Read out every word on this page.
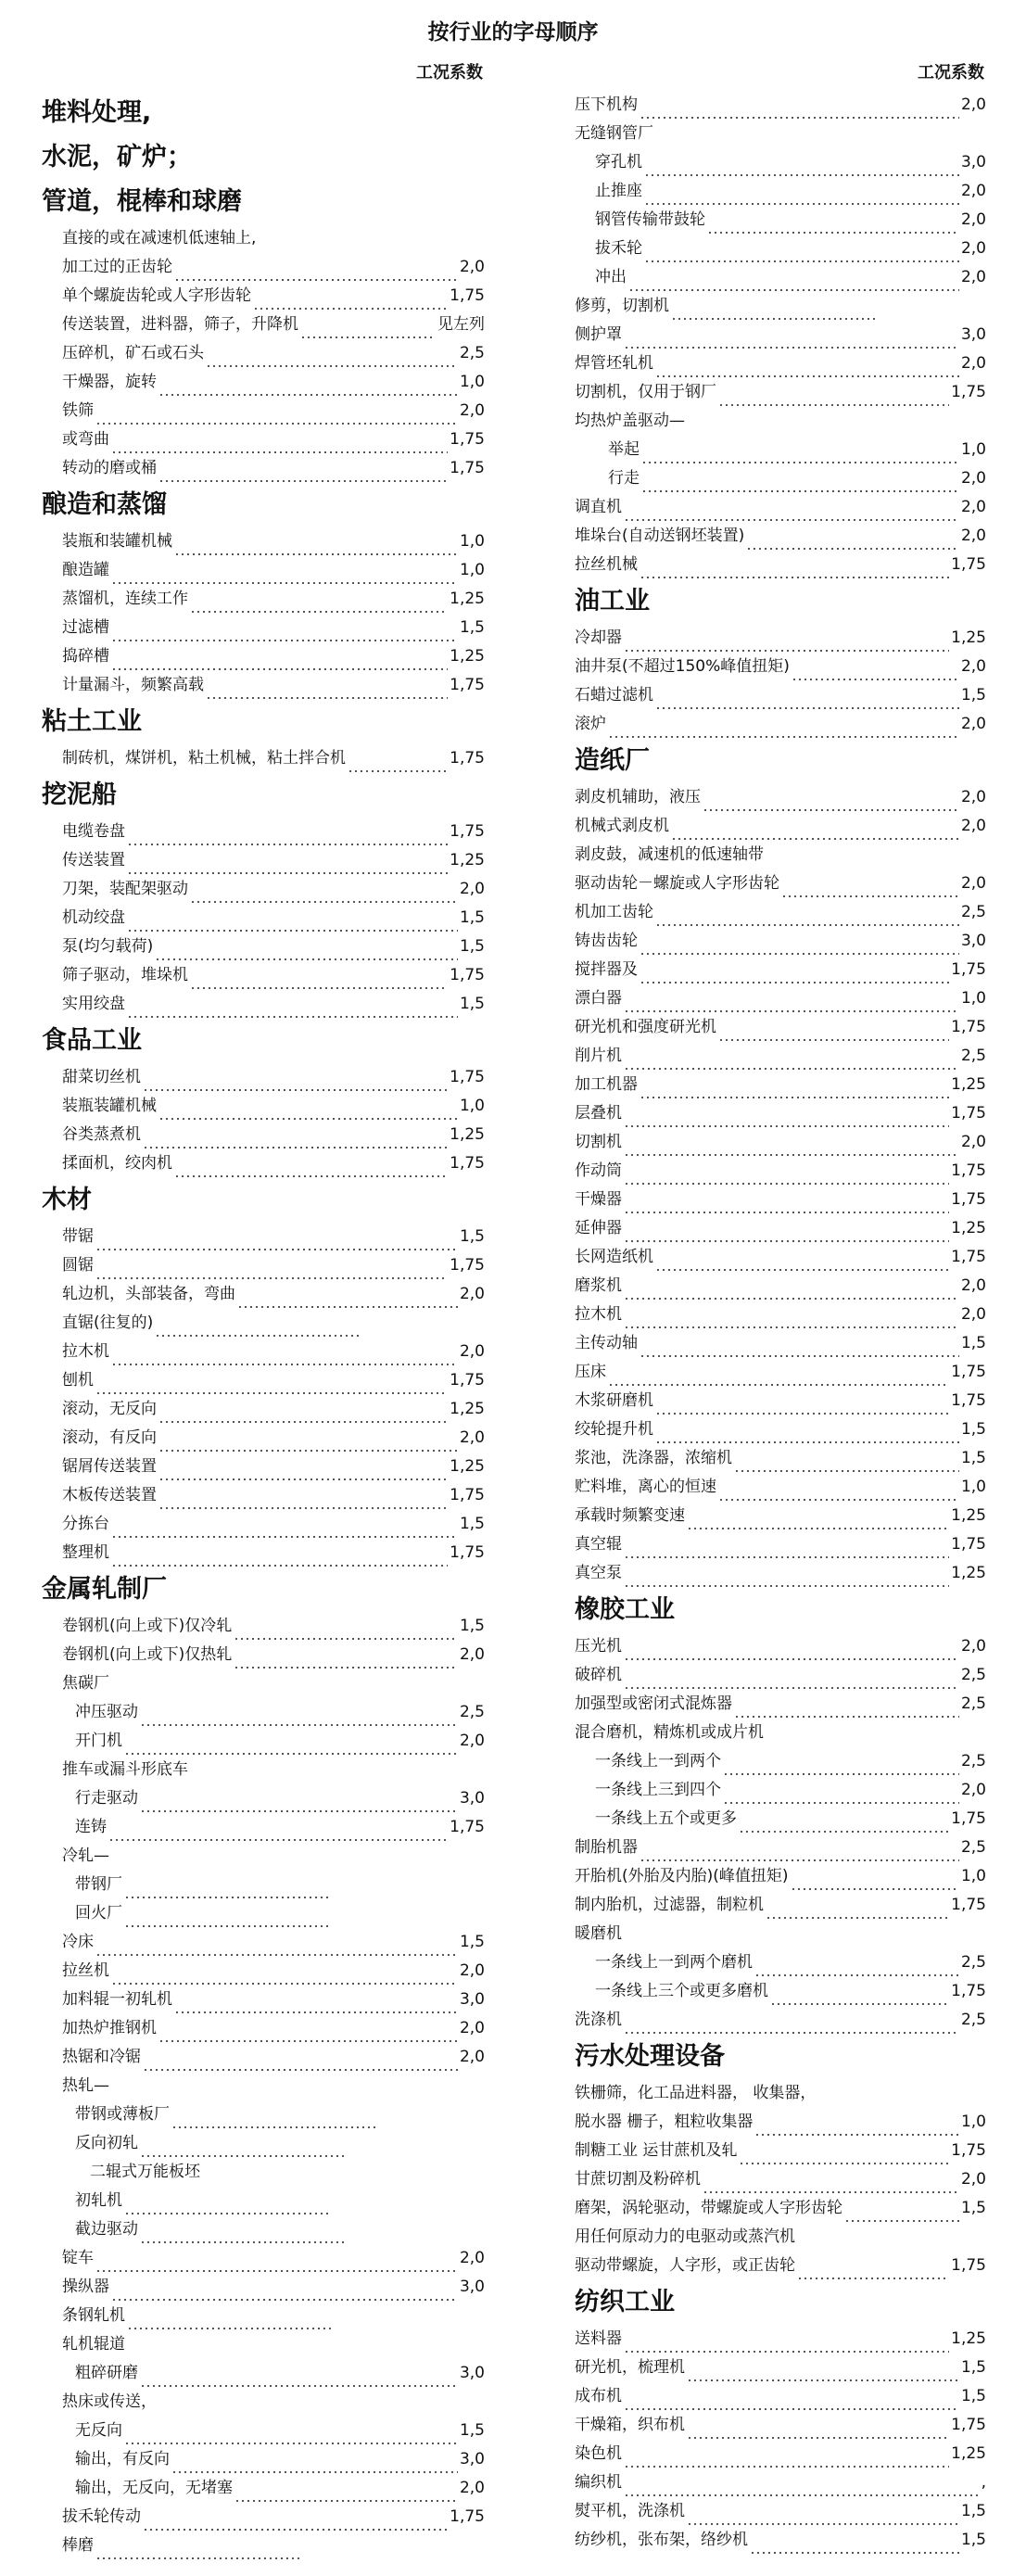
按行业的字母顺序
工况系数
堆料处理,
水泥，矿炉；
管道，棍棒和球磨
直接的或在减速机低速轴上,
加工过的正齿轮	2,0
单个螺旋齿轮或人字形齿轮	1,75
传送装置，进料器，筛子，升降机	见左列
压碎机，矿石或石头	2,5
干燥器，旋转	1,0
铁筛	2,0
或弯曲	1,75
转动的磨或桶	1,75
酿造和蒸馏
装瓶和装罐机械	1,0
酿造罐	1,0
蒸馏机，连续工作	1,25
过滤槽	1,5
捣碎槽	1,25
计量漏斗，频繁高载	1,75
粘土工业
制砖机，煤饼机，粘土机械，粘土拌合机	1,75
挖泥船
电缆卷盘	1,75
传送装置	1,25
刀架，装配架驱动	2,0
机动绞盘	1,5
泵(均匀载荷)	1,5
筛子驱动，堆垛机	1,75
实用绞盘	1,5
食品工业
甜菜切丝机	1,75
装瓶装罐机械	1,0
谷类蒸煮机	1,25
揉面机，绞肉机	1,75
木材
带锯	1,5
圆锯	1,75
轧边机，头部装备，弯曲	2,0
直锯(往复的)
拉木机	2,0
刨机	1,75
滚动，无反向	1,25
滚动，有反向	2,0
锯屑传送装置	1,25
木板传送装置	1,75
分拣台	1,5
整理机	1,75
金属轧制厂
卷钢机(向上或下)仅冷轧	1,5
卷钢机(向上或下)仅热轧	2,0
焦碳厂
冲压驱动	2,5
开门机	2,0
推车或漏斗形底车
行走驱动	3,0
连铸	1,75
冷轧—
带钢厂
回火厂
冷床	1,5
拉丝机	2,0
加料辊一初轧机	3,0
加热炉推钢机	2,0
热锯和冷锯	2,0
热轧—
带钢或薄板厂
反向初轧
二辊式万能板坯
初轧机
截边驱动
锭车	2,0
操纵器	3,0
条钢轧机
轧机辊道
粗碎研磨	3,0
热床或传送，
无反向	1,5
输出，有反向	3,0
输出，无反向，无堵塞	2,0
拔禾轮传动	1,75
棒磨
工况系数
压下机构	2,0
无缝钢管厂
穿孔机	3,0
止推座	2,0
钢管传输带鼓轮	2,0
拔禾轮	2,0
冲出	2,0
修剪，切割机
侧护罩	3,0
焊管坯轧机	2,0
切割机，仅用于钢厂	1,75
均热炉盖驱动—
举起	1,0
行走	2,0
调直机	2,0
堆垛台(自动送钢坯装置)	2,0
拉丝机械	1,75
油工业
冷却器	1,25
油井泵(不超过150%峰值扭矩)	2,0
石蜡过滤机	1,5
滚炉	2,0
造纸厂
剥皮机辅助，液压	2,0
机械式剥皮机	2,0
剥皮鼓，减速机的低速轴带
驱动齿轮－螺旋或人字形齿轮	2,0
机加工齿轮	2,5
铸齿齿轮	3,0
搅拌器及	1,75
漂白器	1,0
研光机和强度研光机	1,75
削片机	2,5
加工机器	1,25
层叠机	1,75
切割机	2,0
作动筒	1,75
干燥器	1,75
延伸器	1,25
长网造纸机	1,75
磨浆机	2,0
拉木机	2,0
主传动轴	1,5
压床	1,75
木浆研磨机	1,75
绞轮提升机	1,5
浆池，洗涤器，浓缩机	1,5
贮料堆，离心的恒速	1,0
承载时频繁变速	1,25
真空辊	1,75
真空泵	1,25
橡胶工业
压光机	2,0
破碎机	2,5
加强型或密闭式混炼器	2,5
混合磨机，精炼机或成片机
一条线上一到两个	2,5
一条线上三到四个	2,0
一条线上五个或更多	1,75
制胎机器	2,5
开胎机(外胎及内胎)(峰值扭矩)	1,0
制内胎机，过滤器，制粒机	1,75
暖磨机
一条线上一到两个磨机	2,5
一条线上三个或更多磨机	1,75
洗涤机	2,5
污水处理设备
铁栅筛，化工品进料器， 收集器，
脱水器 栅子，粗粒收集器	1,0
制糖工业 运甘蔗机及轧	1,75
甘蔗切割及粉碎机	2,0
磨架，涡轮驱动，带螺旋或人字形齿轮	1,5
用任何原动力的电驱动或蒸汽机
驱动带螺旋，人字形，或正齿轮	1,75
纺织工业
送料器	1,25
研光机，梳理机	1,5
成布机	1,5
干燥箱，织布机	1,75
染色机	1,25
编织机	,
熨平机，洗涤机	1,5
纺纱机，张布架，络纱机	1,5
